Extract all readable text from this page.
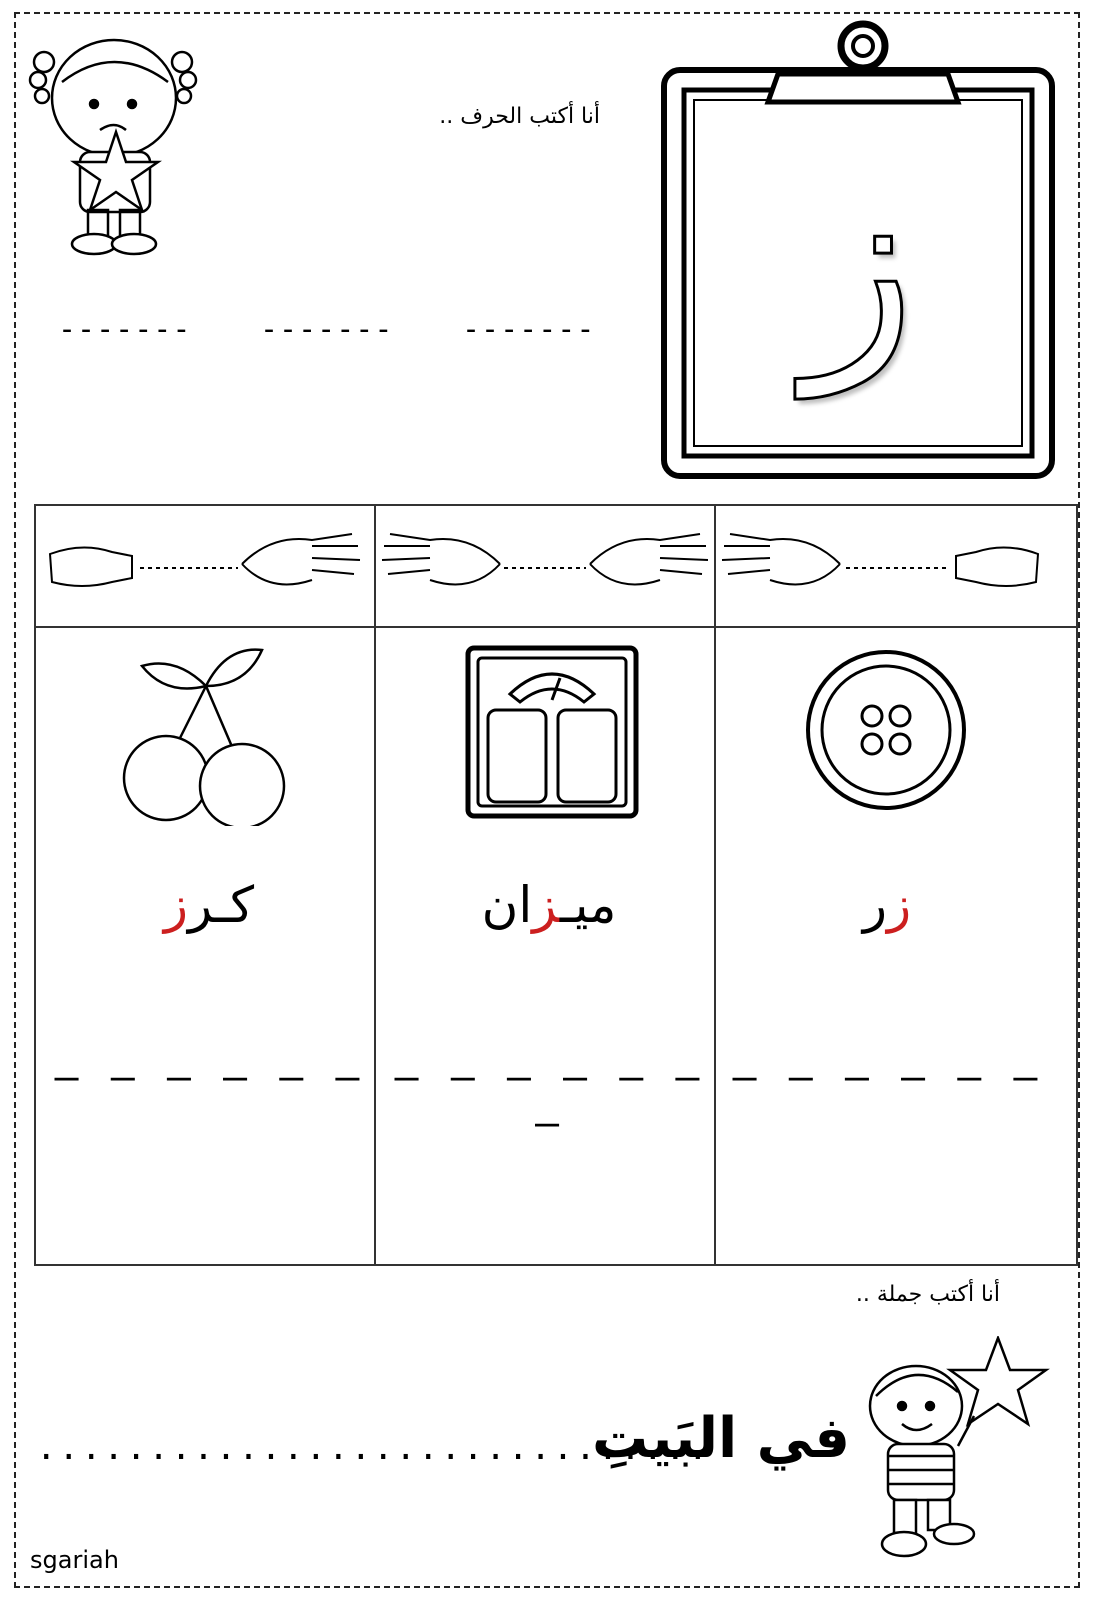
أنا أكتب الحرف ..
------- ------- ------- ز
زر
ميـزان
كـرز
– – – – – –
– – – – – – –
– – – – – –
أنا أكتب جملة ..
في البَيتِ
..............................
sgariah
